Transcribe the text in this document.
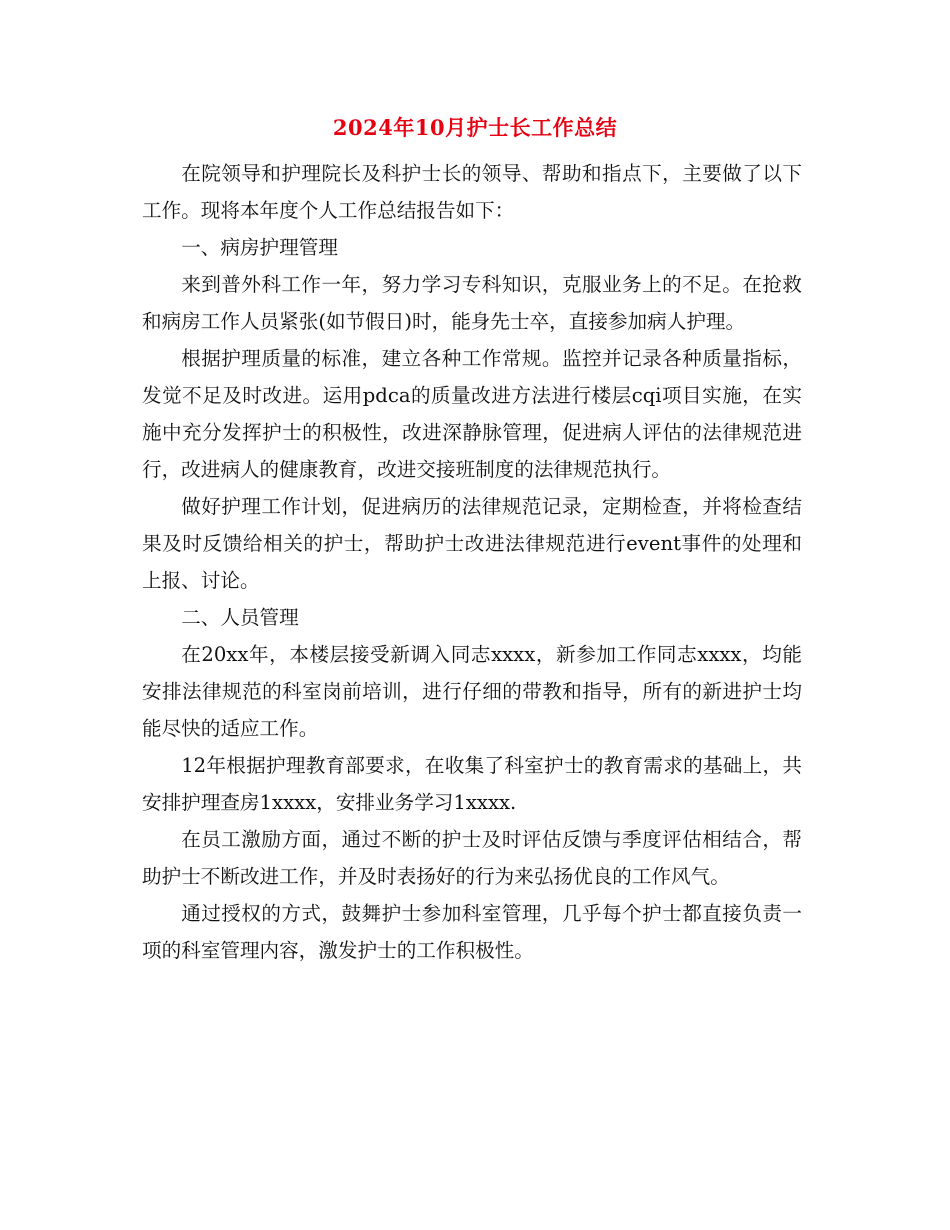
2024年10月护士长工作总结

在院领导和护理院长及科护士长的领导、帮助和指点下，主要做了以下工作。现将本年度个人工作总结报告如下：

一、病房护理管理

来到普外科工作一年，努力学习专科知识，克服业务上的不足。在抢救和病房工作人员紧张(如节假日)时，能身先士卒，直接参加病人护理。

根据护理质量的标准，建立各种工作常规。监控并记录各种质量指标，发觉不足及时改进。运用pdca的质量改进方法进行楼层cqi项目实施，在实施中充分发挥护士的积极性，改进深静脉管理，促进病人评估的法律规范进行，改进病人的健康教育，改进交接班制度的法律规范执行。

做好护理工作计划，促进病历的法律规范记录，定期检查，并将检查结果及时反馈给相关的护士，帮助护士改进法律规范进行event事件的处理和上报、讨论。

二、人员管理

在20xx年，本楼层接受新调入同志xxxx，新参加工作同志xxxx，均能安排法律规范的科室岗前培训，进行仔细的带教和指导，所有的新进护士均能尽快的适应工作。

12年根据护理教育部要求，在收集了科室护士的教育需求的基础上，共安排护理查房1xxxx，安排业务学习1xxxx.

在员工激励方面，通过不断的护士及时评估反馈与季度评估相结合，帮助护士不断改进工作，并及时表扬好的行为来弘扬优良的工作风气。

通过授权的方式，鼓舞护士参加科室管理，几乎每个护士都直接负责一项的科室管理内容，激发护士的工作积极性。
